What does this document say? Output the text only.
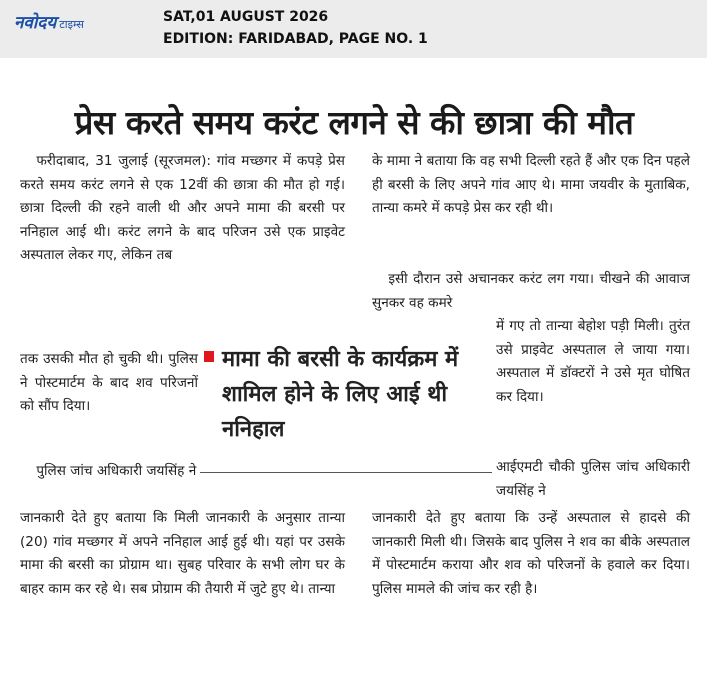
नवोदय टाइम्स	SAT,01 AUGUST 2026
EDITION: FARIDABAD, PAGE NO. 1
प्रेस करते समय करंट लगने से की छात्रा की मौत

फरीदाबाद, 31 जुलाई (सूरजमल): गांव मच्छगर में कपड़े प्रेस करते समय करंट लगने से एक 12वीं की छात्रा की मौत हो गई। छात्रा दिल्ली की रहने वाली थी और अपने मामा की बरसी पर ननिहाल आई थी। करंट लगने के बाद परिजन उसे एक प्राइवेट अस्पताल लेकर गए, लेकिन तब

तक उसकी मौत हो चुकी थी। पुलिस ने पोस्टमार्टम के बाद शव परिजनों को सौंप दिया।

पुलिस जांच अधिकारी जयसिंह ने

जानकारी देते हुए बताया कि मिली जानकारी के अनुसार तान्या (20) गांव मच्छगर में अपने ननिहाल आई हुई थी। यहां पर उसके मामा की बरसी का प्रोग्राम था। सुबह परिवार के सभी लोग घर के बाहर काम कर रहे थे। सब प्रोग्राम की तैयारी में जुटे हुए थे। तान्या

के मामा ने बताया कि वह सभी दिल्ली रहते हैं और एक दिन पहले ही बरसी के लिए अपने गांव आए थे। मामा जयवीर के मुताबिक, तान्या कमरे में कपड़े प्रेस कर रही थी।

इसी दौरान उसे अचानकर करंट लग गया। चीखने की आवाज सुनकर वह कमरे

में गए तो तान्या बेहोश पड़ी मिली। तुरंत उसे प्राइवेट अस्पताल ले जाया गया। अस्पताल में डॉक्टरों ने उसे मृत घोषित कर दिया।

आईएमटी चौकी पुलिस जांच अधिकारी जयसिंह ने

जानकारी देते हुए बताया कि उन्हें अस्पताल से हादसे की जानकारी मिली थी। जिसके बाद पुलिस ने शव का बीके अस्पताल में पोस्टमार्टम कराया और शव को परिजनों के हवाले कर दिया। पुलिस मामले की जांच कर रही है।

मामा की बरसी के कार्यक्रम में शामिल होने के लिए आई थी ननिहाल
